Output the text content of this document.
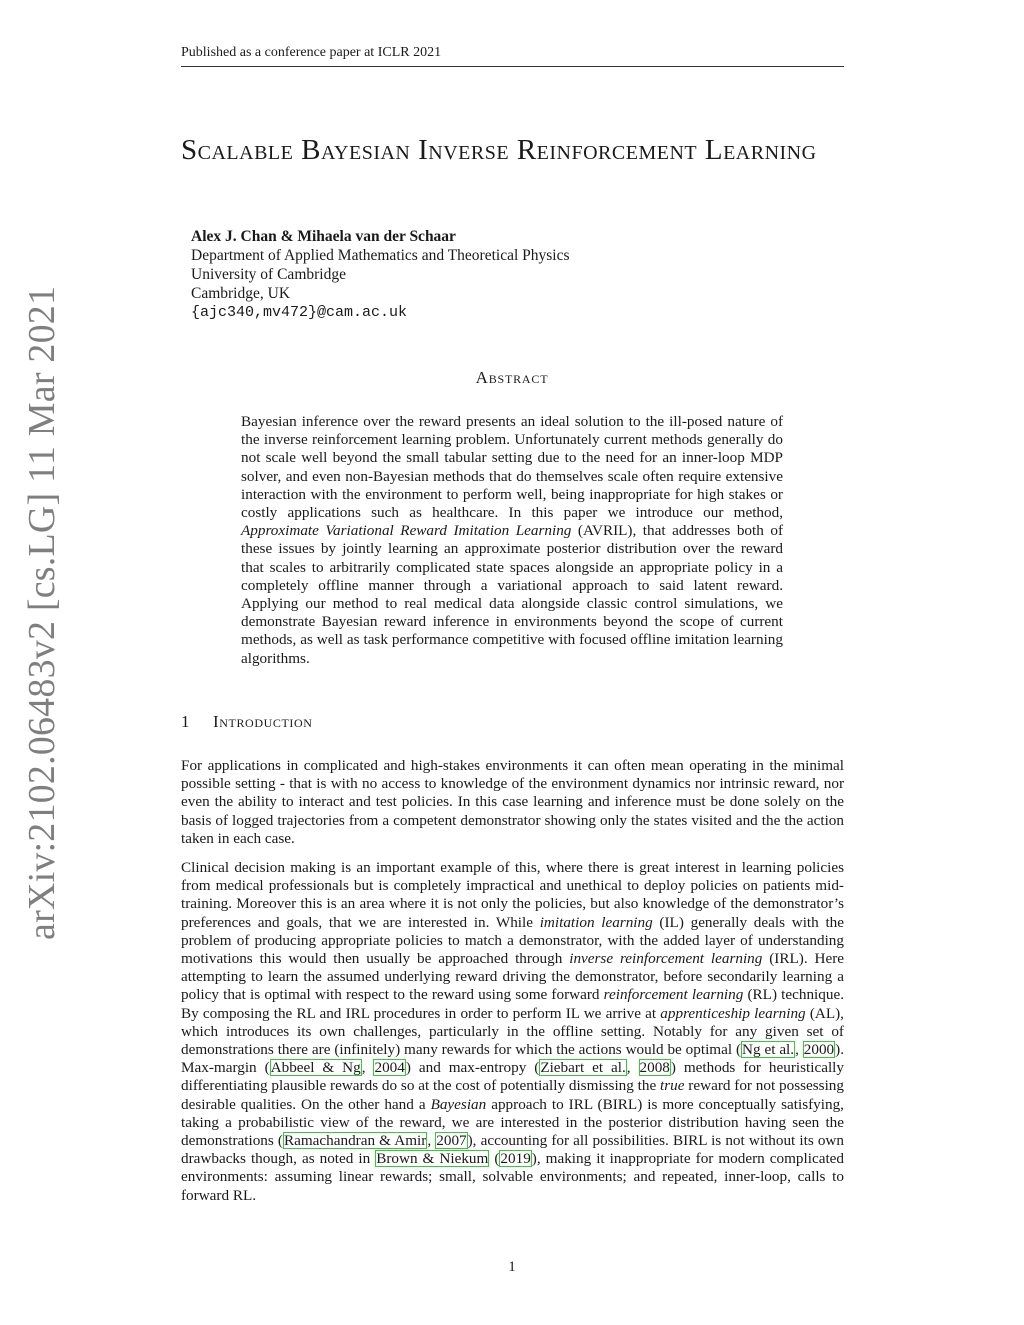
Published as a conference paper at ICLR 2021
arXiv:2102.06483v2 [cs.LG] 11 Mar 2021
Scalable Bayesian Inverse Reinforcement Learning
Alex J. Chan & Mihaela van der Schaar
Department of Applied Mathematics and Theoretical Physics
University of Cambridge
Cambridge, UK
{ajc340,mv472}@cam.ac.uk
Abstract

Bayesian inference over the reward presents an ideal solution to the ill-posed nature of the inverse reinforcement learning problem. Unfortunately current methods generally do not scale well beyond the small tabular setting due to the need for an inner-loop MDP solver, and even non-Bayesian methods that do themselves scale often require extensive interaction with the environment to perform well, being inappropriate for high stakes or costly applications such as healthcare. In this paper we introduce our method, Approximate Variational Reward Imitation Learning (AVRIL), that addresses both of these issues by jointly learning an approximate posterior distribution over the reward that scales to arbitrarily complicated state spaces alongside an appropriate policy in a completely offline manner through a variational approach to said latent reward. Applying our method to real medical data alongside classic control simulations, we demonstrate Bayesian reward inference in environments beyond the scope of current methods, as well as task performance competitive with focused offline imitation learning algorithms.

1 Introduction

For applications in complicated and high-stakes environments it can often mean operating in the minimal possible setting - that is with no access to knowledge of the environment dynamics nor intrinsic reward, nor even the ability to interact and test policies. In this case learning and inference must be done solely on the basis of logged trajectories from a competent demonstrator showing only the states visited and the the action taken in each case.

Clinical decision making is an important example of this, where there is great interest in learning policies from medical professionals but is completely impractical and unethical to deploy policies on patients mid-training. Moreover this is an area where it is not only the policies, but also knowledge of the demonstrator’s preferences and goals, that we are interested in. While imitation learning (IL) generally deals with the problem of producing appropriate policies to match a demonstrator, with the added layer of understanding motivations this would then usually be approached through inverse reinforcement learning (IRL). Here attempting to learn the assumed underlying reward driving the demonstrator, before secondarily learning a policy that is optimal with respect to the reward using some forward reinforcement learning (RL) technique. By composing the RL and IRL procedures in order to perform IL we arrive at apprenticeship learning (AL), which introduces its own challenges, particularly in the offline setting. Notably for any given set of demonstrations there are (infinitely) many rewards for which the actions would be optimal (Ng et al., 2000). Max-margin (Abbeel & Ng, 2004) and max-entropy (Ziebart et al., 2008) methods for heuristically differentiating plausible rewards do so at the cost of potentially dismissing the true reward for not possessing desirable qualities. On the other hand a Bayesian approach to IRL (BIRL) is more conceptually satisfying, taking a probabilistic view of the reward, we are interested in the posterior distribution having seen the demonstrations (Ramachandran & Amir, 2007), accounting for all possibilities. BIRL is not without its own drawbacks though, as noted in Brown & Niekum (2019), making it inappropriate for modern complicated environments: assuming linear rewards; small, solvable environments; and repeated, inner-loop, calls to forward RL.

1
